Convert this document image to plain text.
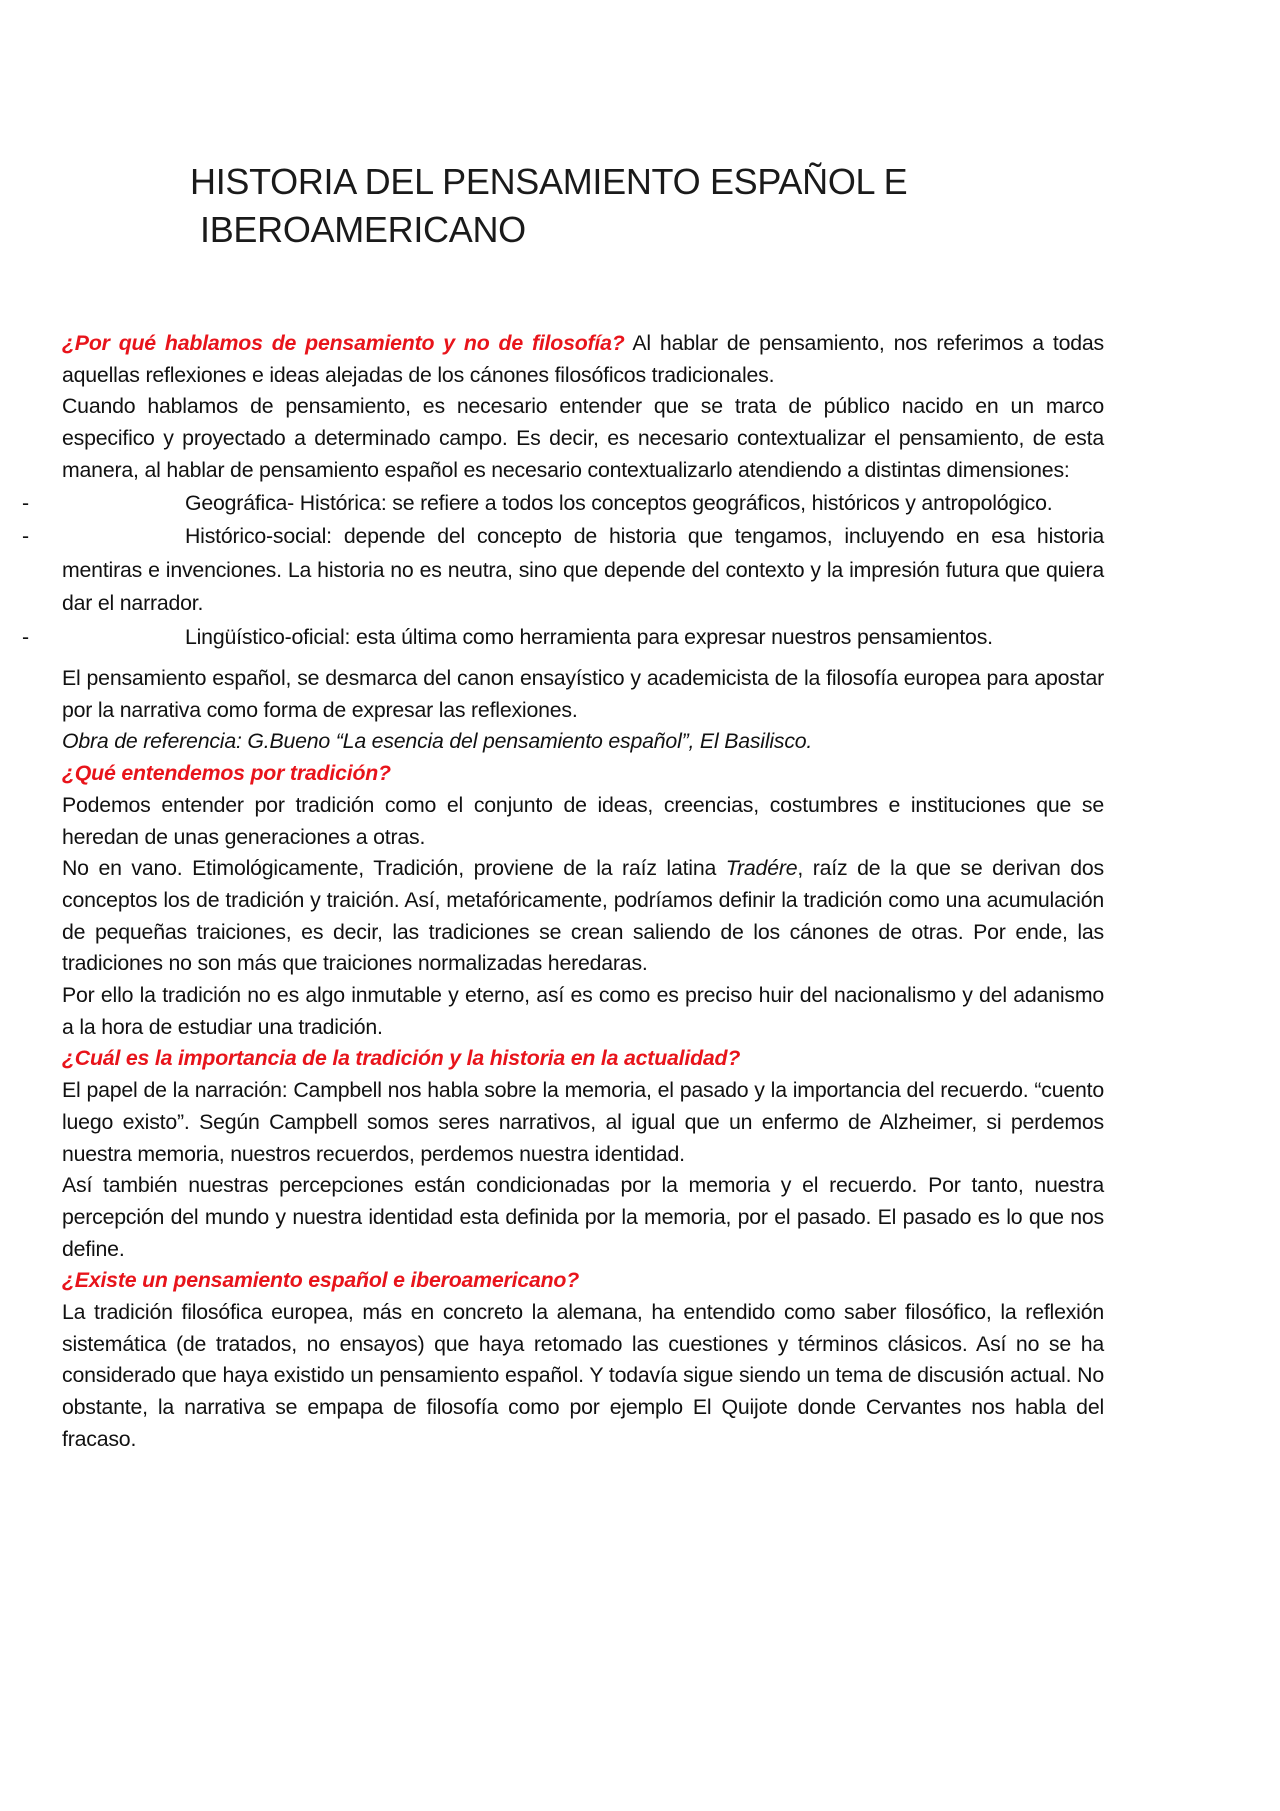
HISTORIA DEL PENSAMIENTO ESPAÑOL E
IBEROAMERICANO

¿Por qué hablamos de pensamiento y no de filosofía? Al hablar de pensamiento, nos referimos a todas aquellas reflexiones e ideas alejadas de los cánones filosóficos tradicionales.

Cuando hablamos de pensamiento, es necesario entender que se trata de público nacido en un marco especifico y proyectado a determinado campo. Es decir, es necesario contextualizar el pensamiento, de esta manera, al hablar de pensamiento español es necesario contextualizarlo atendiendo a distintas dimensiones:

-	Geográfica- Histórica: se refiere a todos los conceptos geográficos, históricos y antropológico.

-	Histórico-social: depende del concepto de historia que tengamos, incluyendo en esa historia mentiras e invenciones. La historia no es neutra, sino que depende del contexto y la impresión futura que quiera dar el narrador.

-	Lingüístico-oficial: esta última como herramienta para expresar nuestros pensamientos.

El pensamiento español, se desmarca del canon ensayístico y academicista de la filosofía europea para apostar por la narrativa como forma de expresar las reflexiones.

Obra de referencia: G.Bueno “La esencia del pensamiento español”, El Basilisco.

¿Qué entendemos por tradición?

Podemos entender por tradición como el conjunto de ideas, creencias, costumbres e instituciones que se heredan de unas generaciones a otras.

No en vano. Etimológicamente, Tradición, proviene de la raíz latina Tradére, raíz de la que se derivan dos conceptos los de tradición y traición. Así, metafóricamente, podríamos definir la tradición como una acumulación de pequeñas traiciones, es decir, las tradiciones se crean saliendo de los cánones de otras. Por ende, las tradiciones no son más que traiciones normalizadas heredaras.

Por ello la tradición no es algo inmutable y eterno, así es como es preciso huir del nacionalismo y del adanismo a la hora de estudiar una tradición.

¿Cuál es la importancia de la tradición y la historia en la actualidad?

El papel de la narración: Campbell nos habla sobre la memoria, el pasado y la importancia del recuerdo. “cuento luego existo”. Según Campbell somos seres narrativos, al igual que un enfermo de Alzheimer, si perdemos nuestra memoria, nuestros recuerdos, perdemos nuestra identidad.

Así también nuestras percepciones están condicionadas por la memoria y el recuerdo. Por tanto, nuestra percepción del mundo y nuestra identidad esta definida por la memoria, por el pasado. El pasado es lo que nos define.

¿Existe un pensamiento español e iberoamericano?

La tradición filosófica europea, más en concreto la alemana, ha entendido como saber filosófico, la reflexión sistemática (de tratados, no ensayos) que haya retomado las cuestiones y términos clásicos. Así no se ha considerado que haya existido un pensamiento español. Y todavía sigue siendo un tema de discusión actual. No obstante, la narrativa se empapa de filosofía como por ejemplo El Quijote donde Cervantes nos habla del fracaso.
